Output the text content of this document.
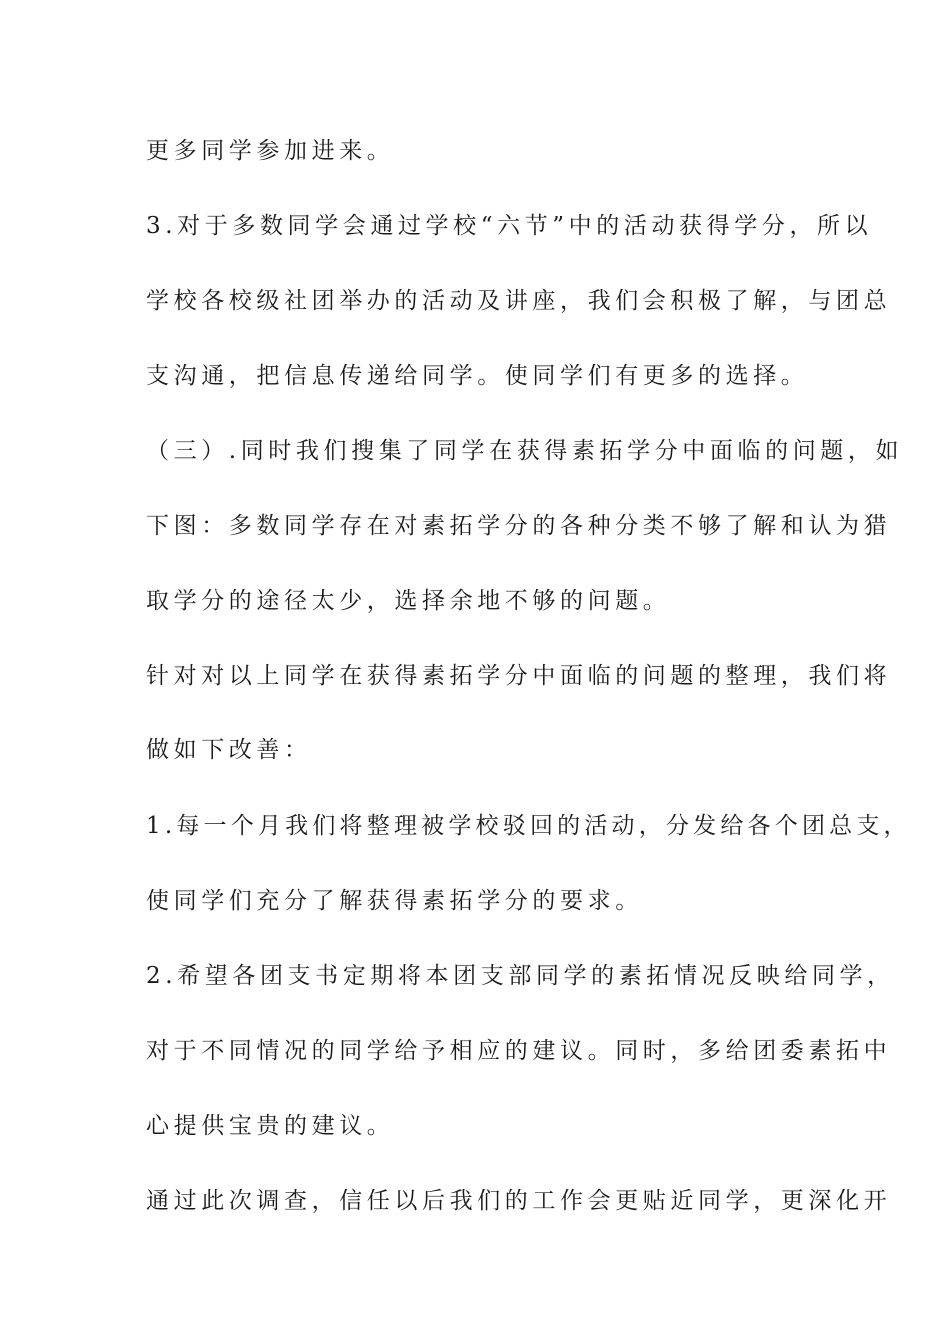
更多同学参加进来。
3.对于多数同学会通过学校“六节”中的活动获得学分，所以
学校各校级社团举办的活动及讲座，我们会积极了解，与团总
支沟通，把信息传递给同学。使同学们有更多的选择。
（三）.同时我们搜集了同学在获得素拓学分中面临的问题，如
下图：多数同学存在对素拓学分的各种分类不够了解和认为猎
取学分的途径太少，选择余地不够的问题。
针对对以上同学在获得素拓学分中面临的问题的整理，我们将
做如下改善：
1.每一个月我们将整理被学校驳回的活动，分发给各个团总支，
使同学们充分了解获得素拓学分的要求。
2.希望各团支书定期将本团支部同学的素拓情况反映给同学，
对于不同情况的同学给予相应的建议。同时，多给团委素拓中
心提供宝贵的建议。
通过此次调查，信任以后我们的工作会更贴近同学，更深化开
